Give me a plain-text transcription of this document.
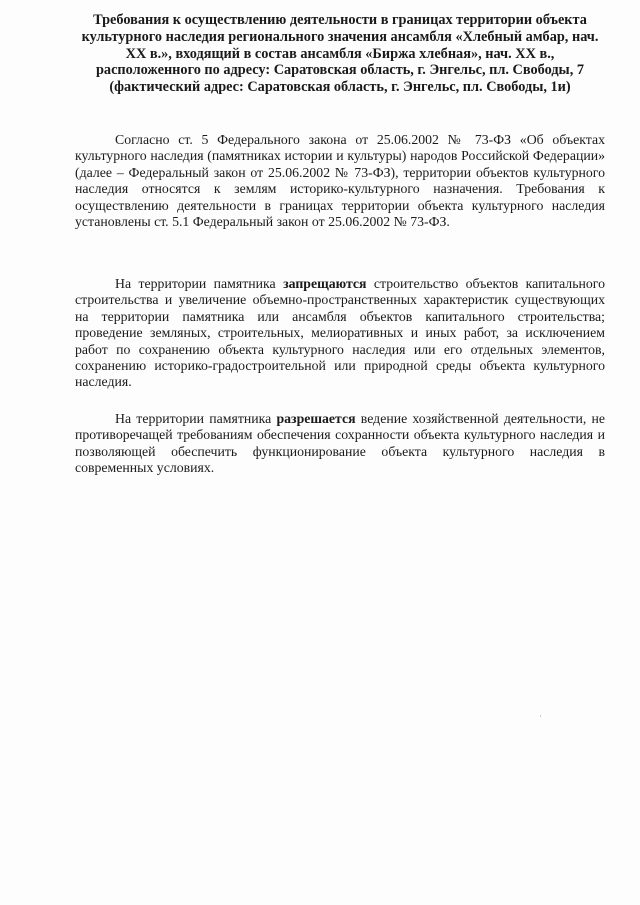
Требования к осуществлению деятельности в границах территории объекта культурного наследия регионального значения ансамбля «Хлебный амбар, нач. XX в.», входящий в состав ансамбля «Биржа хлебная», нач. XX в., расположенного по адресу: Саратовская область, г. Энгельс, пл. Свободы, 7 (фактический адрес: Саратовская область, г. Энгельс, пл. Свободы, 1и)

Согласно ст. 5 Федерального закона от 25.06.2002 № 73-ФЗ «Об объектах культурного наследия (памятниках истории и культуры) народов Российской Федерации» (далее – Федеральный закон от 25.06.2002 № 73-ФЗ), территории объектов культурного наследия относятся к землям историко-культурного назначения. Требования к осуществлению деятельности в границах территории объекта культурного наследия установлены ст. 5.1 Федеральный закон от 25.06.2002 № 73-ФЗ.

На территории памятника запрещаются строительство объектов капитального строительства и увеличение объемно-пространственных характеристик существующих на территории памятника или ансамбля объектов капитального строительства; проведение земляных, строительных, мелиоративных и иных работ, за исключением работ по сохранению объекта культурного наследия или его отдельных элементов, сохранению историко-градостроительной или природной среды объекта культурного наследия.

На территории памятника разрешается ведение хозяйственной деятельности, не противоречащей требованиям обеспечения сохранности объекта культурного наследия и позволяющей обеспечить функционирование объекта культурного наследия в современных условиях.
